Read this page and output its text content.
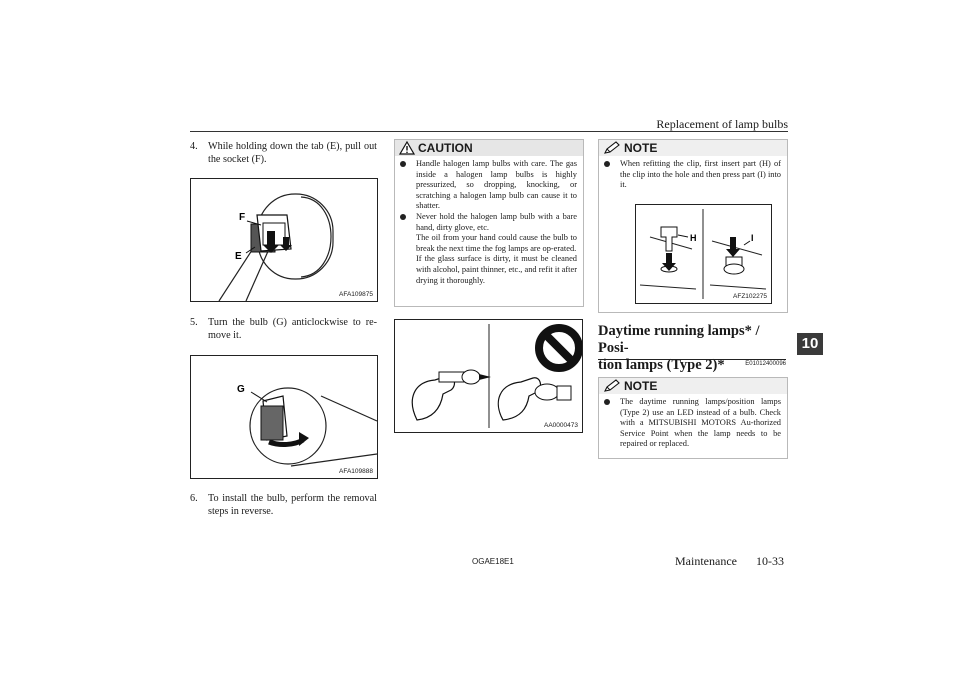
Replacement of lamp bulbs
10
4. While holding down the tab (E), pull out the socket (F).
F
E
AFA109875
5. Turn the bulb (G) anticlockwise to re-move it.
G
AFA109888
6. To install the bulb, perform the removal steps in reverse.
CAUTION
Handle halogen lamp bulbs with care. The gas inside a halogen lamp bulbs is highly pressurized, so dropping, knocking, or scratching a halogen lamp bulb can cause it to shatter.
Never hold the halogen lamp bulb with a bare hand, dirty glove, etc.
The oil from your hand could cause the bulb to break the next time the fog lamps are op-erated.
If the glass surface is dirty, it must be cleaned with alcohol, paint thinner, etc., and refit it after drying it thoroughly.
AA0000473
NOTE
When refitting the clip, first insert part (H) of the clip into the hole and then press part (I) into it.
H	I
AFZ102275
Daytime running lamps* / Posi-
tion lamps (Type 2)*	E01012400096
NOTE
The daytime running lamps/position lamps (Type 2) use an LED instead of a bulb. Check with a MITSUBISHI MOTORS Au-thorized Service Point when the lamp needs to be repaired or replaced.
OGAE18E1	Maintenance 10-33
